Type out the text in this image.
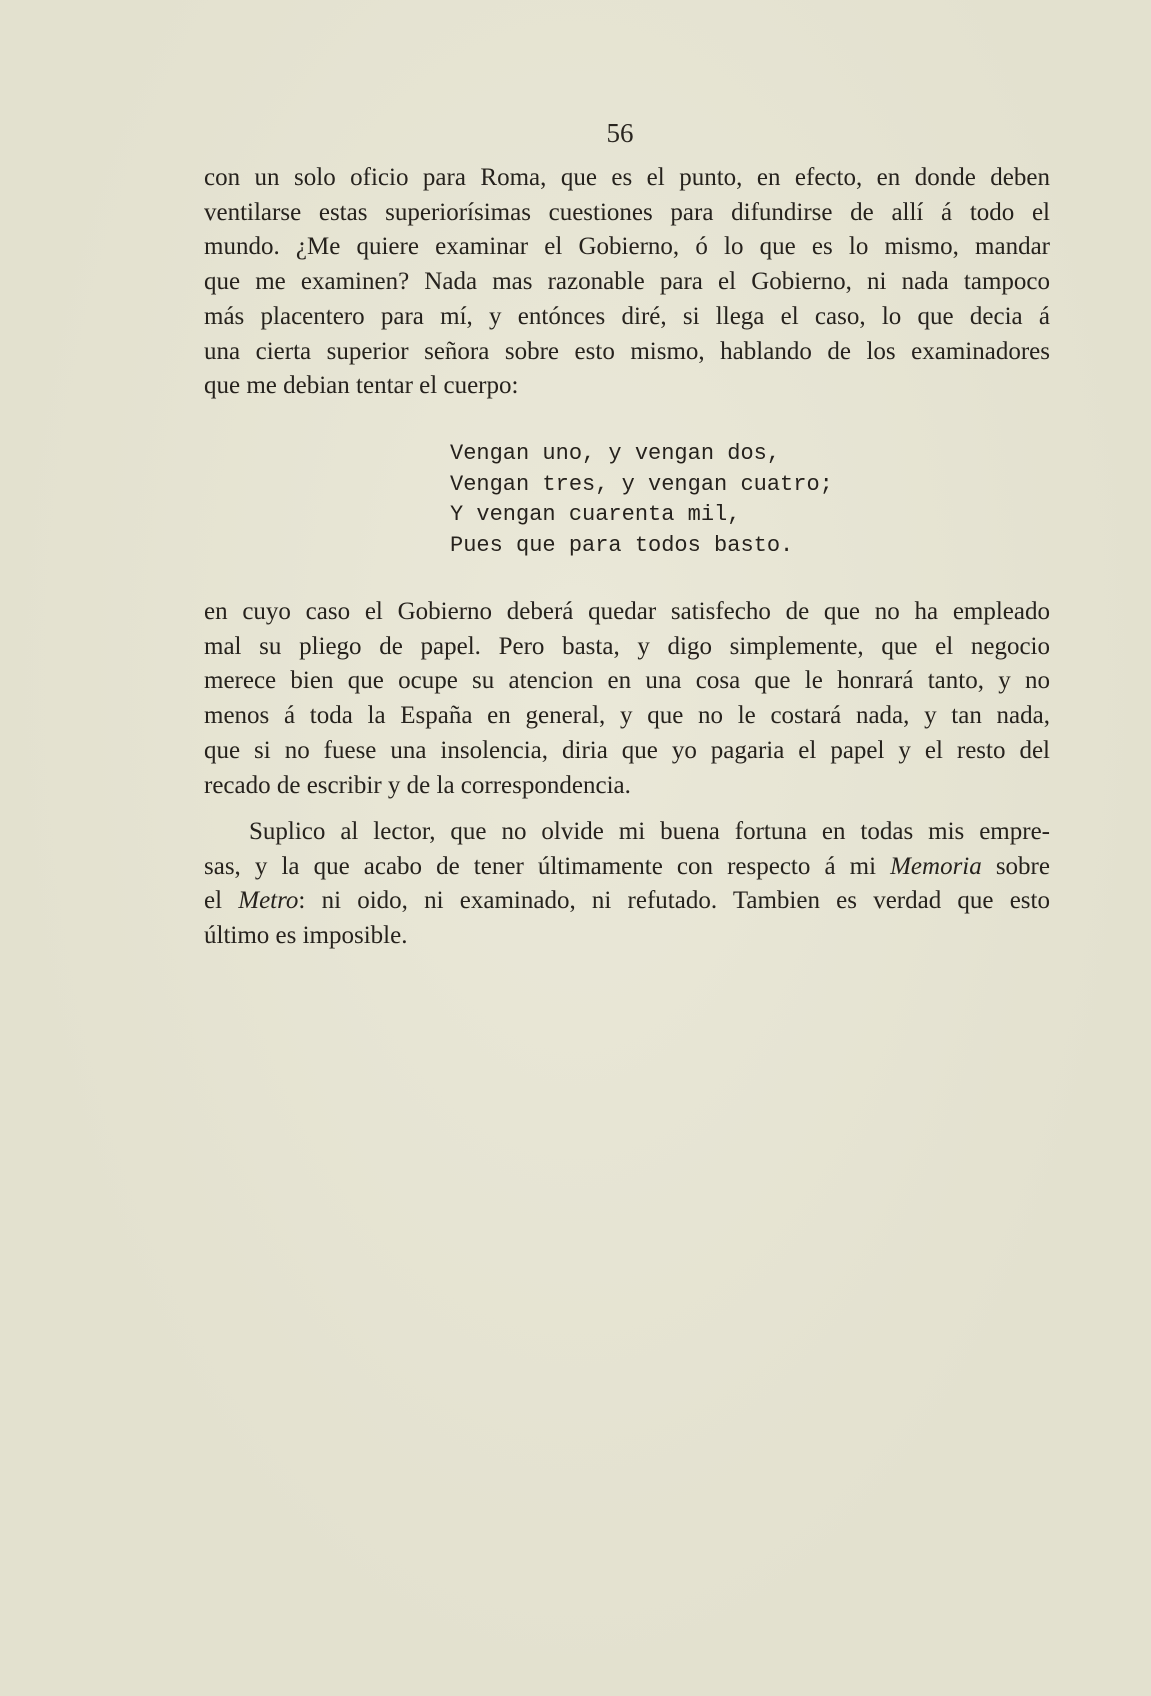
56
con un solo oficio para Roma, que es el punto, en efecto, en donde deben
ventilarse estas superiorísimas cuestiones para difundirse de allí á todo el
mundo. ¿Me quiere examinar el Gobierno, ó lo que es lo mismo, mandar
que me examinen? Nada mas razonable para el Gobierno, ni nada tampoco
más placentero para mí, y entónces diré, si llega el caso, lo que decia á
una cierta superior señora sobre esto mismo, hablando de los examinadores
que me debian tentar el cuerpo:
Vengan uno, y vengan dos,
Vengan tres, y vengan cuatro;
Y vengan cuarenta mil,
Pues que para todos basto.
en cuyo caso el Gobierno deberá quedar satisfecho de que no ha empleado
mal su pliego de papel. Pero basta, y digo simplemente, que el negocio
merece bien que ocupe su atencion en una cosa que le honrará tanto, y no
menos á toda la España en general, y que no le costará nada, y tan nada,
que si no fuese una insolencia, diria que yo pagaria el papel y el resto del
recado de escribir y de la correspondencia.
Suplico al lector, que no olvide mi buena fortuna en todas mis empre-
sas, y la que acabo de tener últimamente con respecto á mi Memoria sobre
el Metro: ni oido, ni examinado, ni refutado. Tambien es verdad que esto
último es imposible.
